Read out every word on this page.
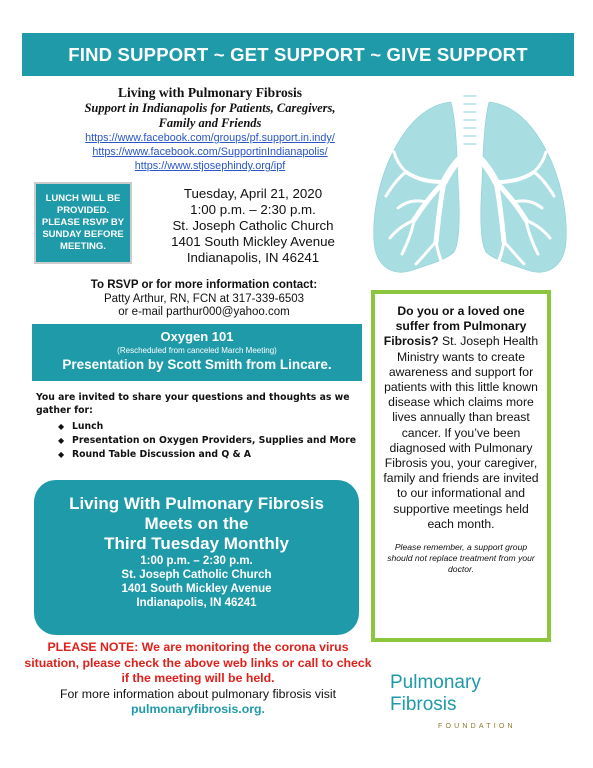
FIND SUPPORT ~ GET SUPPORT ~ GIVE SUPPORT
Living with Pulmonary Fibrosis
Support in Indianapolis for Patients, Caregivers,
Family and Friends
https://www.facebook.com/groups/pf.support.in.indy/
https://www.facebook.com/SupportinIndianapolis/
https://www.stjosephindy.org/ipf
LUNCH WILL BE PROVIDED. PLEASE RSVP BY SUNDAY BEFORE MEETING.
Tuesday, April 21, 2020
1:00 p.m. – 2:30 p.m.
St. Joseph Catholic Church
1401 South Mickley Avenue
Indianapolis, IN 46241
To RSVP or for more information contact:
Patty Arthur, RN, FCN at 317-339-6503
or e-mail parthur000@yahoo.com
Oxygen 101
(Rescheduled from canceled March Meeting)
Presentation by Scott Smith from Lincare.
You are invited to share your questions and thoughts as we gather for:
◆ Lunch
◆ Presentation on Oxygen Providers, Supplies and More
◆ Round Table Discussion and Q & A
Living With Pulmonary Fibrosis
Meets on the
Third Tuesday Monthly
1:00 p.m. – 2:30 p.m.
St. Joseph Catholic Church
1401 South Mickley Avenue
Indianapolis, IN 46241
PLEASE NOTE: We are monitoring the corona virus situation, please check the above web links or call to check if the meeting will be held.
For more information about pulmonary fibrosis visit
pulmonaryfibrosis.org.
Do you or a loved one suffer from Pulmonary Fibrosis? St. Joseph Health Ministry wants to create awareness and support for patients with this little known disease which claims more lives annually than breast cancer. If you’ve been diagnosed with Pulmonary Fibrosis you, your caregiver, family and friends are invited to our informational and supportive meetings held each month.
Please remember, a support group should not replace treatment from your doctor.
Pulmonary Fibrosis
FOUNDATION
